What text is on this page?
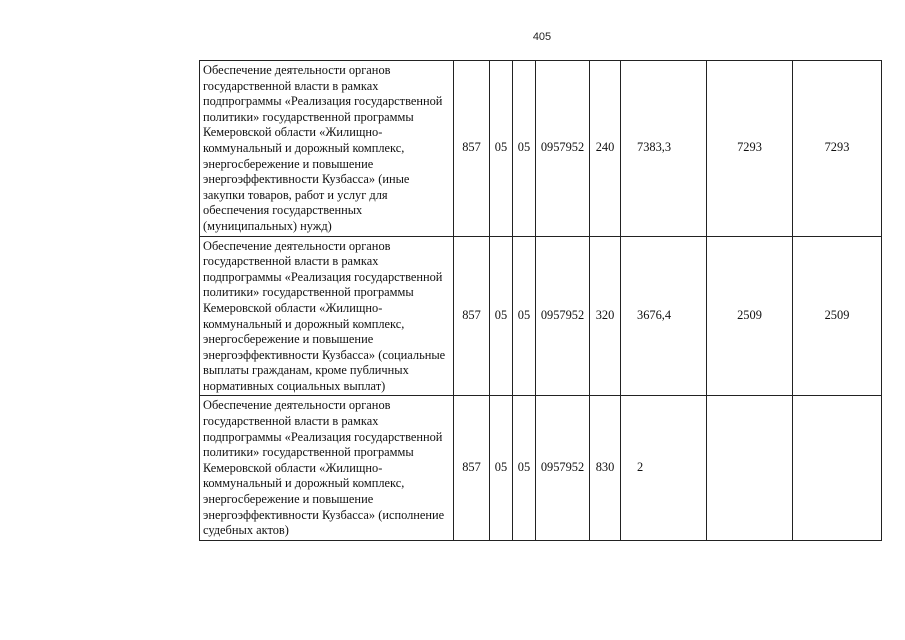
405
Обеспечение деятельности органов государственной власти в рамках подпрограммы «Реализация государственной политики» государственной программы Кемеровской области «Жилищно-коммунальный и дорожный комплекс, энергосбережение и повышение энергоэффективности Кузбасса» (иные закупки товаров, работ и услуг для обеспечения государственных (муниципальных) нужд)	857	05	05	0957952	240	7383,3	7293	7293
Обеспечение деятельности органов государственной власти в рамках подпрограммы «Реализация государственной политики» государственной программы Кемеровской области «Жилищно-коммунальный и дорожный комплекс, энергосбережение и повышение энергоэффективности Кузбасса» (социальные выплаты гражданам, кроме публичных нормативных социальных выплат)	857	05	05	0957952	320	3676,4	2509	2509
Обеспечение деятельности органов государственной власти в рамках подпрограммы «Реализация государственной политики» государственной программы Кемеровской области «Жилищно-коммунальный и дорожный комплекс, энергосбережение и повышение энергоэффективности Кузбасса» (исполнение судебных актов)	857	05	05	0957952	830	2		
